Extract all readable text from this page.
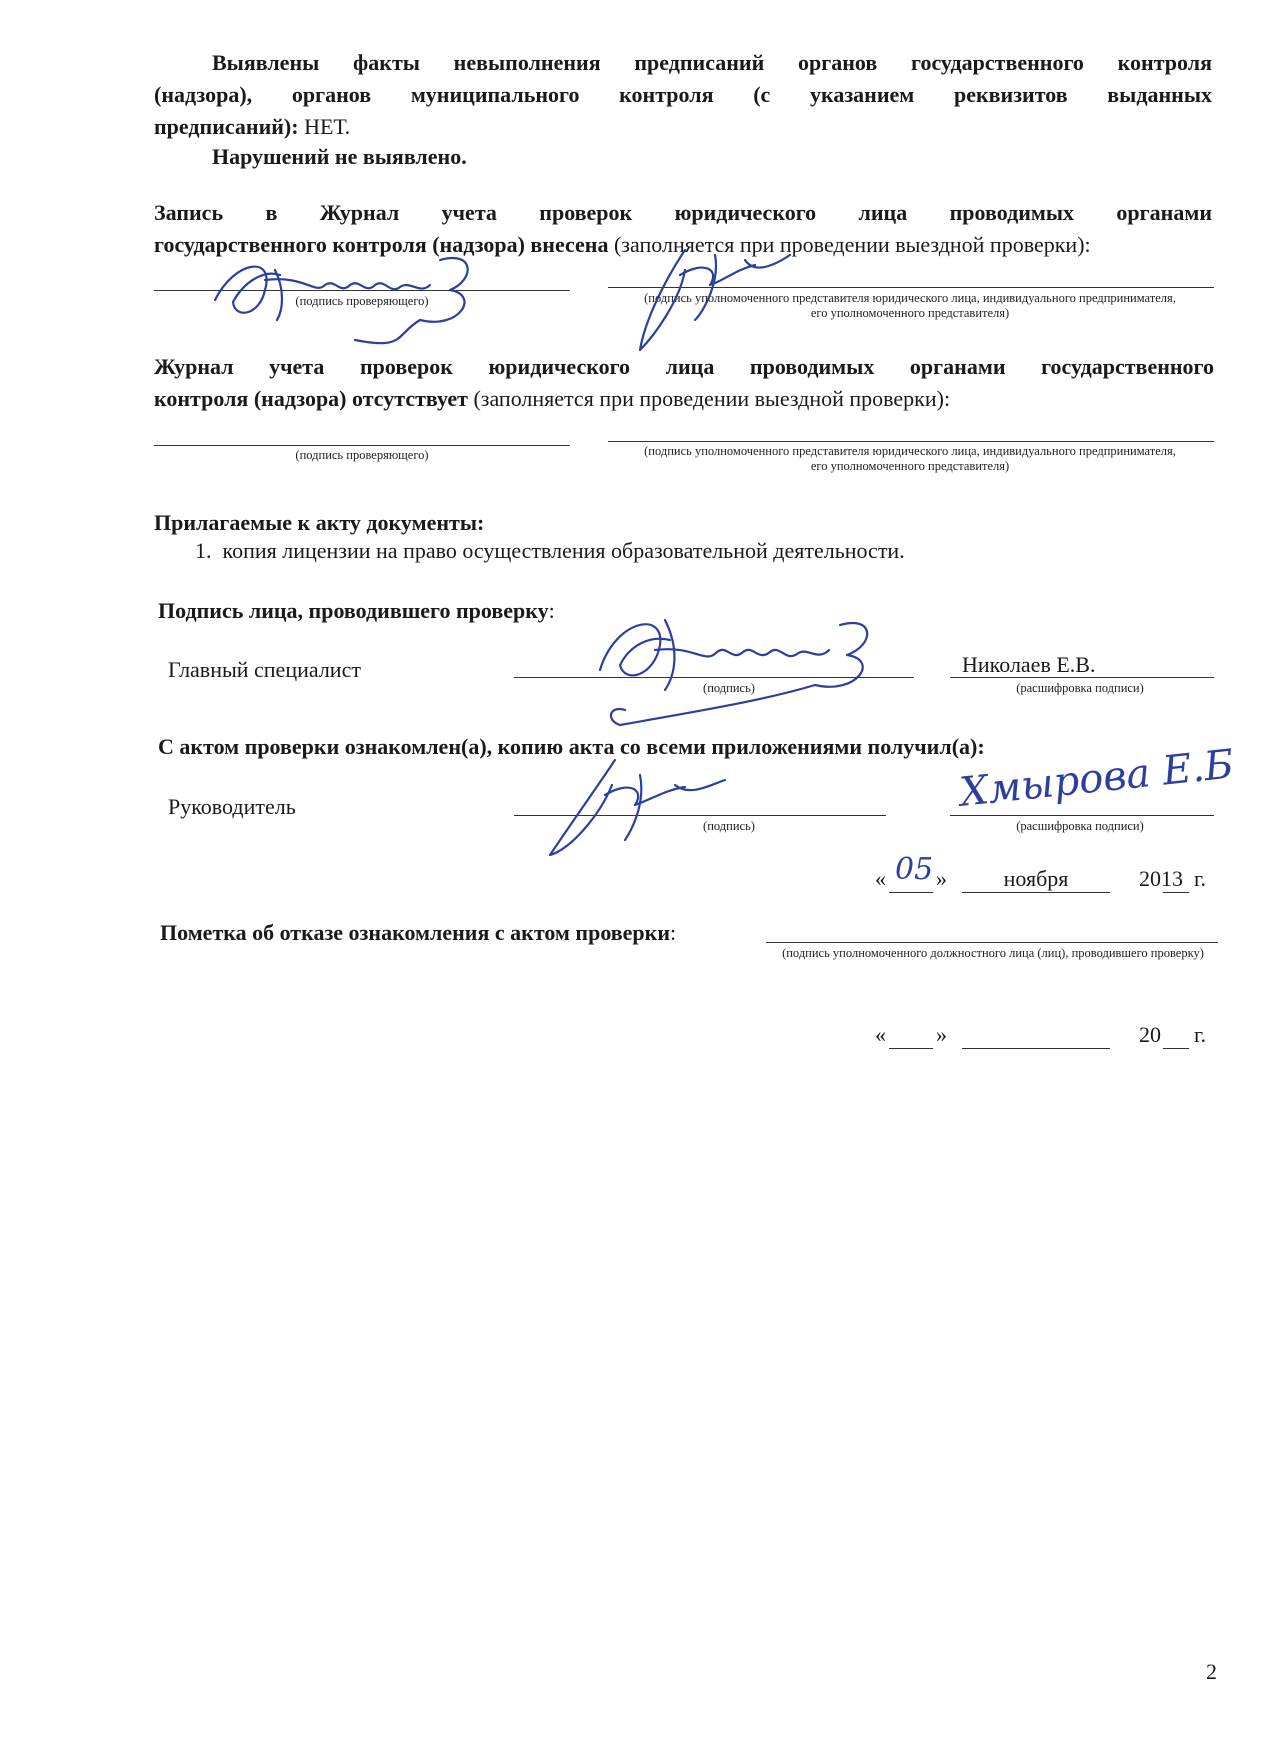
Выявлены факты невыполнения предписаний органов государственного контроля
(надзора), органов муниципального контроля (с указанием реквизитов выданных
предписаний): НЕТ.
Нарушений не выявлено.
Запись в Журнал учета проверок юридического лица проводимых органами
государственного контроля (надзора) внесена (заполняется при проведении выездной проверки):
(подпись проверяющего)	(подпись уполномоченного представителя юридического лица, индивидуального предпринимателя, его уполномоченного представителя)
Журнал учета проверок юридического лица проводимых органами государственного
контроля (надзора) отсутствует (заполняется при проведении выездной проверки):
(подпись проверяющего)	(подпись уполномоченного представителя юридического лица, индивидуального предпринимателя, его уполномоченного представителя)
Прилагаемые к акту документы:
1. копия лицензии на право осуществления образовательной деятельности.
Подпись лица, проводившего проверку:
Главный специалист
(подпись)
Николаев Е.В.
(расшифровка подписи)
С актом проверки ознакомлен(а), копию акта со всеми приложениями получил(а):
Руководитель
(подпись)	(расшифровка подписи)
Хмырова Е.Б
« 05 »	ноября	2013 г.
Пометка об отказе ознакомления с актом проверки:
(подпись уполномоченного должностного лица (лиц), проводившего проверку)
« »	20 г.
2
